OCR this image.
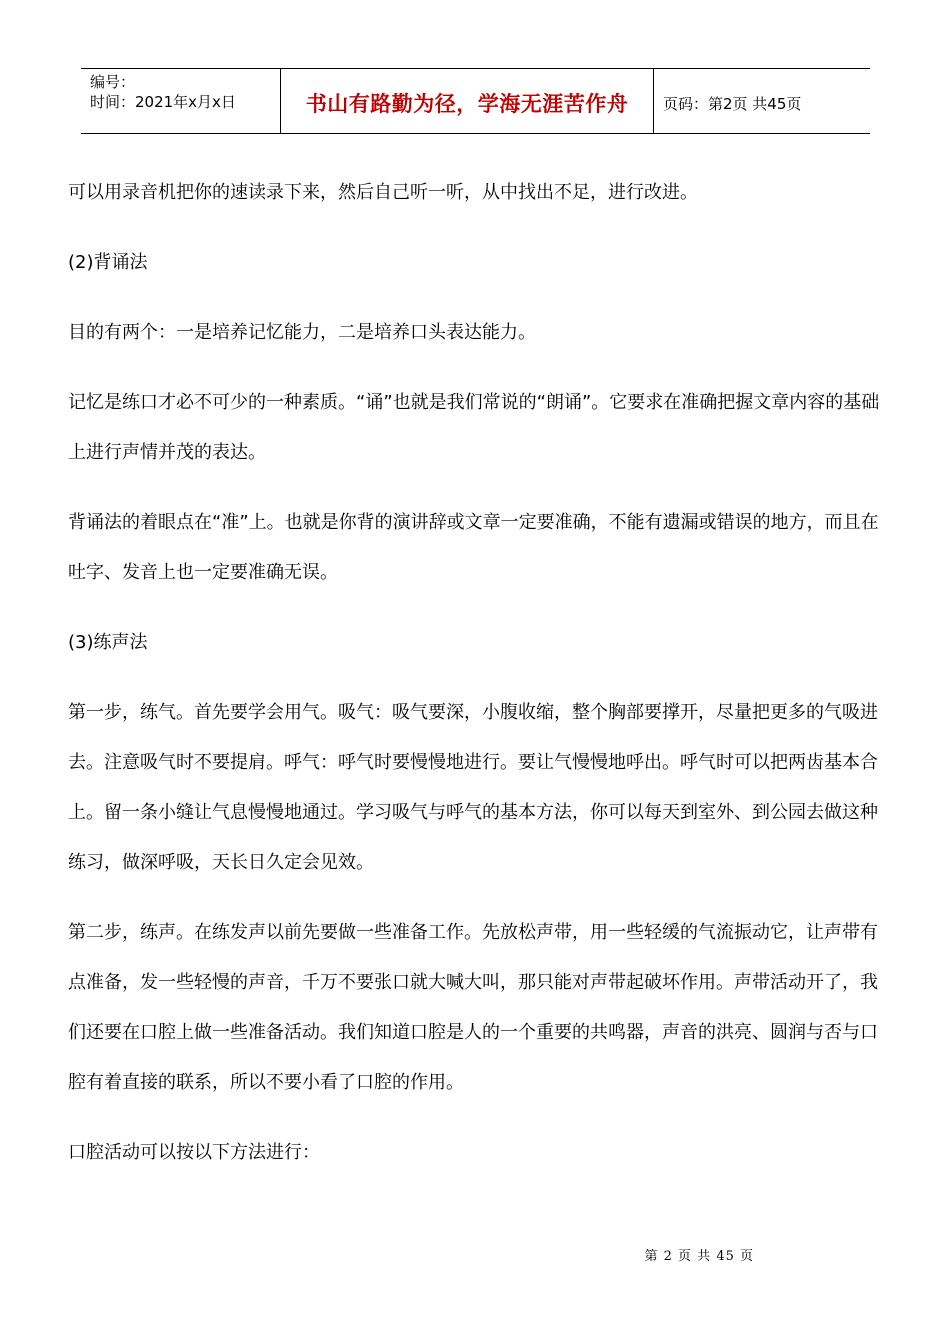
编号：
时间：2021年x月x日	书山有路勤为径，学海无涯苦作舟	页码：第2页 共45页

可以用录音机把你的速读录下来，然后自己听一听，从中找出不足，进行改进。

(2)背诵法

目的有两个：一是培养记忆能力，二是培养口头表达能力。

记忆是练口才必不可少的一种素质。“诵”也就是我们常说的“朗诵”。它要求在准确把握文章内容的基础上进行声情并茂的表达。

背诵法的着眼点在“准”上。也就是你背的演讲辞或文章一定要准确，不能有遗漏或错误的地方，而且在吐字、发音上也一定要准确无误。

(3)练声法

第一步，练气。首先要学会用气。吸气：吸气要深，小腹收缩，整个胸部要撑开，尽量把更多的气吸进去。注意吸气时不要提肩。呼气：呼气时要慢慢地进行。要让气慢慢地呼出。呼气时可以把两齿基本合上。留一条小缝让气息慢慢地通过。学习吸气与呼气的基本方法，你可以每天到室外、到公园去做这种练习，做深呼吸，天长日久定会见效。

第二步，练声。在练发声以前先要做一些准备工作。先放松声带，用一些轻缓的气流振动它，让声带有点准备，发一些轻慢的声音，千万不要张口就大喊大叫，那只能对声带起破坏作用。声带活动开了，我们还要在口腔上做一些准备活动。我们知道口腔是人的一个重要的共鸣器，声音的洪亮、圆润与否与口腔有着直接的联系，所以不要小看了口腔的作用。

口腔活动可以按以下方法进行：

第 2 页 共 45 页
